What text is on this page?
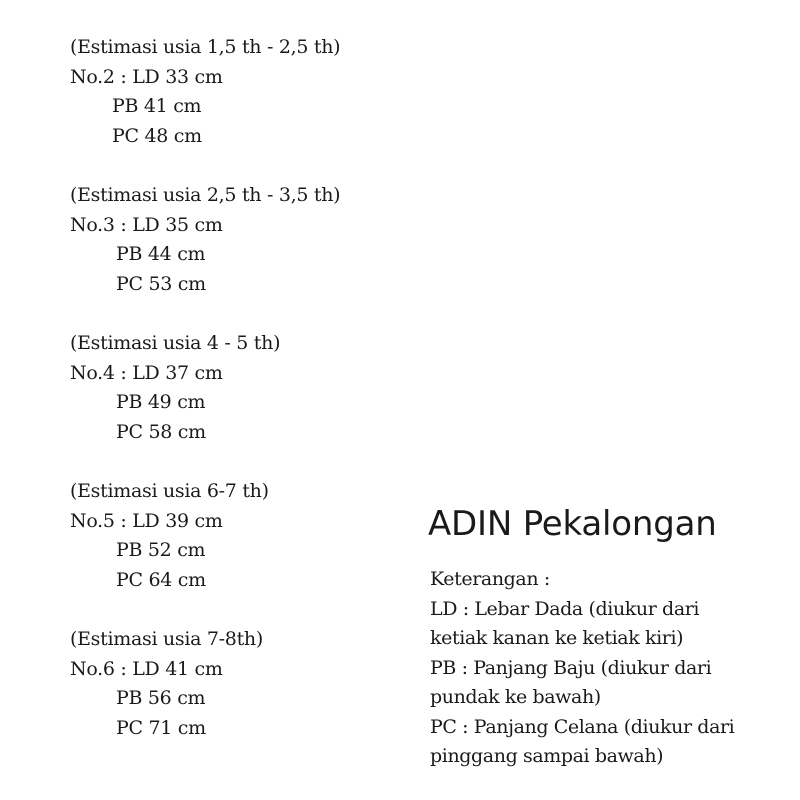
(Estimasi usia 1,5 th - 2,5 th)
No.2 : LD 33 cm
PB 41 cm
PC 48 cm
(Estimasi usia 2,5 th - 3,5 th)
No.3 : LD 35 cm
PB 44 cm
PC 53 cm
(Estimasi usia 4 - 5 th)
No.4 : LD 37 cm
PB 49 cm
PC 58 cm
(Estimasi usia 6-7 th)
No.5 : LD 39 cm
PB 52 cm
PC 64 cm
(Estimasi usia 7-8th)
No.6 : LD 41 cm
PB 56 cm
PC 71 cm
ADIN Pekalongan
Keterangan :
LD : Lebar Dada (diukur dari
ketiak kanan ke ketiak kiri)
PB : Panjang Baju (diukur dari
pundak ke bawah)
PC : Panjang Celana (diukur dari
pinggang sampai bawah)
